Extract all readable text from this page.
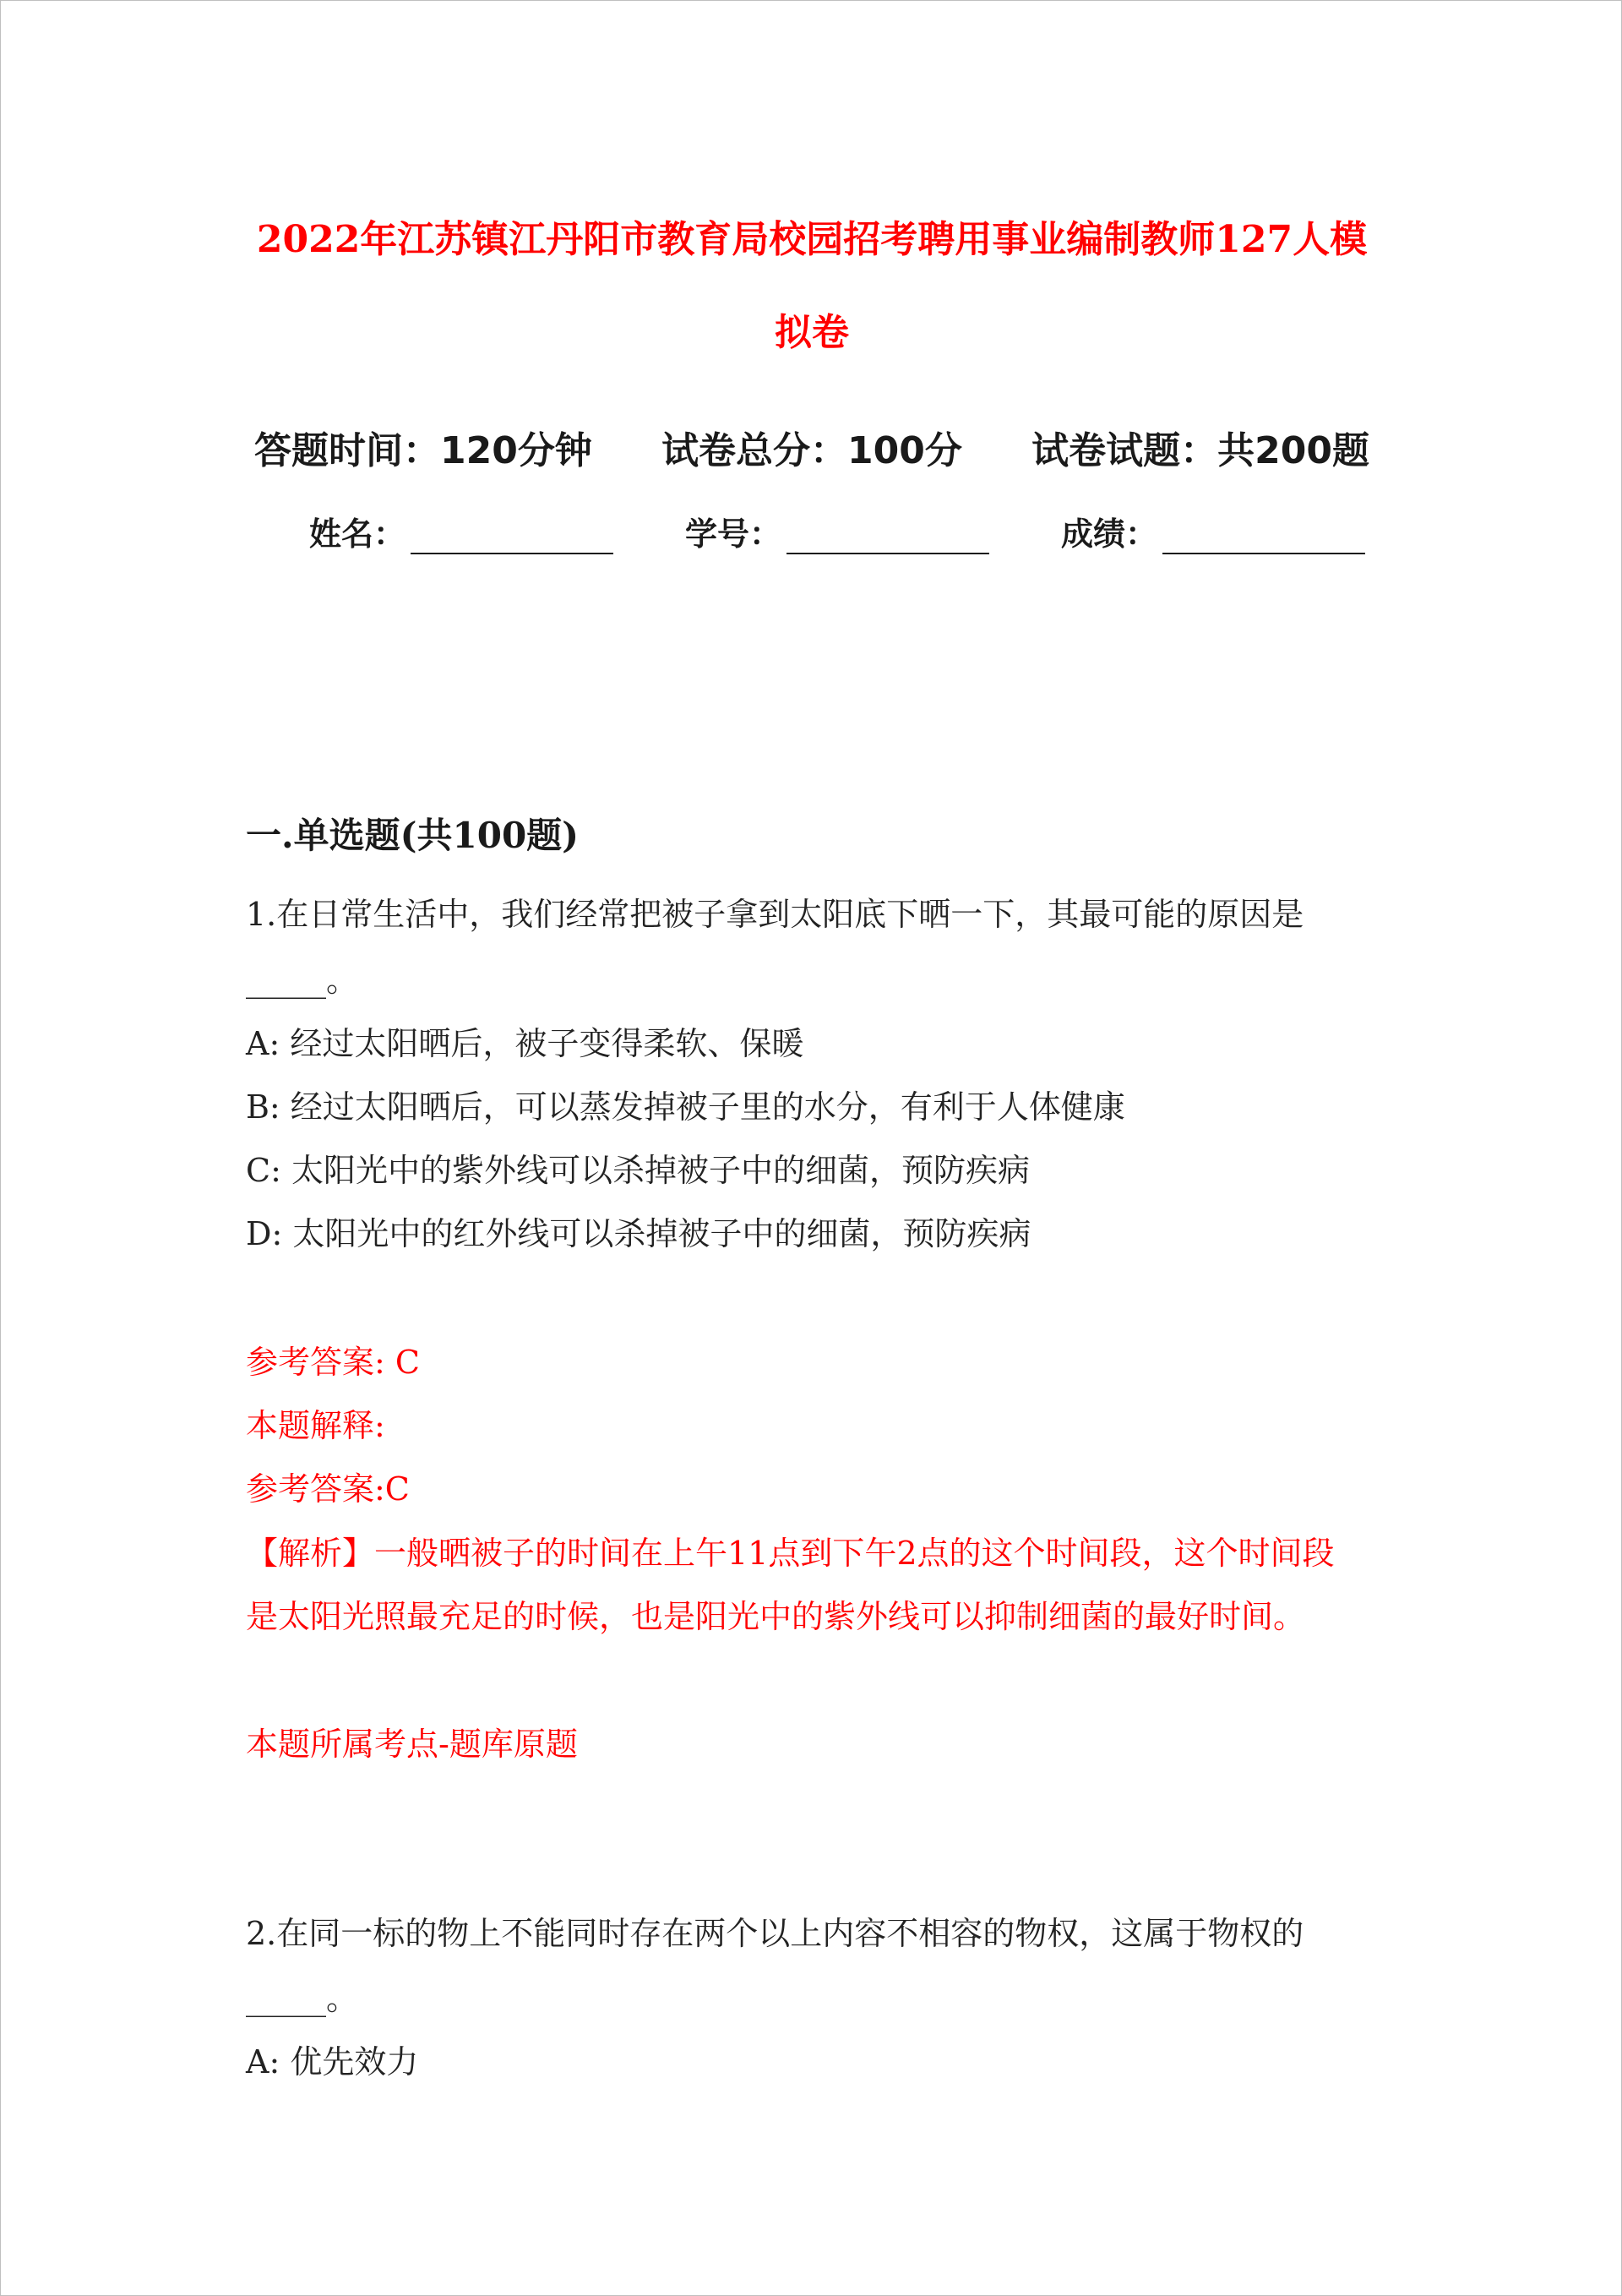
2022年江苏镇江丹阳市教育局校园招考聘用事业编制教师127人模
拟卷
答题时间：120分钟 试卷总分：100分 试卷试题：共200题
姓名：	学号：	成绩：
一.单选题(共100题)
1.在日常生活中，我们经常把被子拿到太阳底下晒一下，其最可能的原因是
_____。
A: 经过太阳晒后，被子变得柔软、保暖
B: 经过太阳晒后，可以蒸发掉被子里的水分，有利于人体健康
C: 太阳光中的紫外线可以杀掉被子中的细菌，预防疾病
D: 太阳光中的红外线可以杀掉被子中的细菌，预防疾病
参考答案: C
本题解释:
参考答案:C
【解析】一般晒被子的时间在上午11点到下午2点的这个时间段，这个时间段
是太阳光照最充足的时候，也是阳光中的紫外线可以抑制细菌的最好时间。
本题所属考点-题库原题
2.在同一标的物上不能同时存在两个以上内容不相容的物权，这属于物权的
_____。
A: 优先效力
